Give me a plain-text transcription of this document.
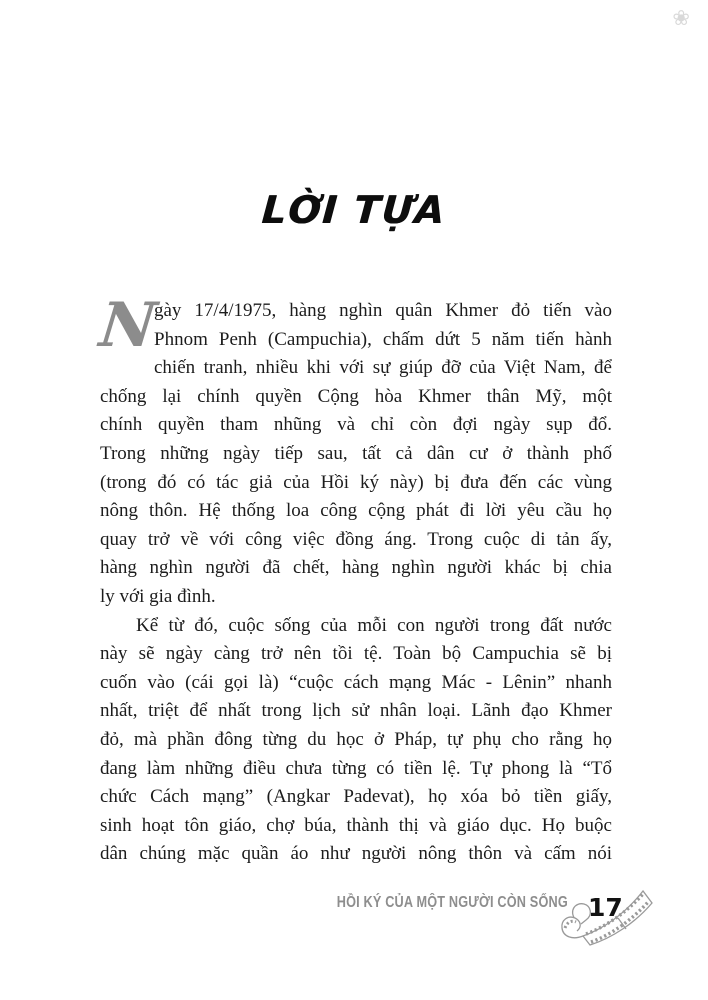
❀
LỜI TỰA
N
gày 17/4/1975, hàng nghìn quân Khmer đỏ tiến vào
Phnom Penh (Campuchia), chấm dứt 5 năm tiến hành
chiến tranh, nhiều khi với sự giúp đỡ của Việt Nam, để
chống lại chính quyền Cộng hòa Khmer thân Mỹ, một
chính quyền tham nhũng và chỉ còn đợi ngày sụp đổ.
Trong những ngày tiếp sau, tất cả dân cư ở thành phố
(trong đó có tác giả của Hồi ký này) bị đưa đến các vùng
nông thôn. Hệ thống loa công cộng phát đi lời yêu cầu họ
quay trở về với công việc đồng áng. Trong cuộc di tản ấy,
hàng nghìn người đã chết, hàng nghìn người khác bị chia
ly với gia đình.
Kể từ đó, cuộc sống của mỗi con người trong đất nước
này sẽ ngày càng trở nên tồi tệ. Toàn bộ Campuchia sẽ bị
cuốn vào (cái gọi là) “cuộc cách mạng Mác - Lênin” nhanh
nhất, triệt để nhất trong lịch sử nhân loại. Lãnh đạo Khmer
đỏ, mà phần đông từng du học ở Pháp, tự phụ cho rằng họ
đang làm những điều chưa từng có tiền lệ. Tự phong là “Tổ
chức Cách mạng” (Angkar Padevat), họ xóa bỏ tiền giấy,
sinh hoạt tôn giáo, chợ búa, thành thị và giáo dục. Họ buộc
dân chúng mặc quần áo như người nông thôn và cấm nói
HỒI KÝ CỦA MỘT NGƯỜI CÒN SỐNG 17
